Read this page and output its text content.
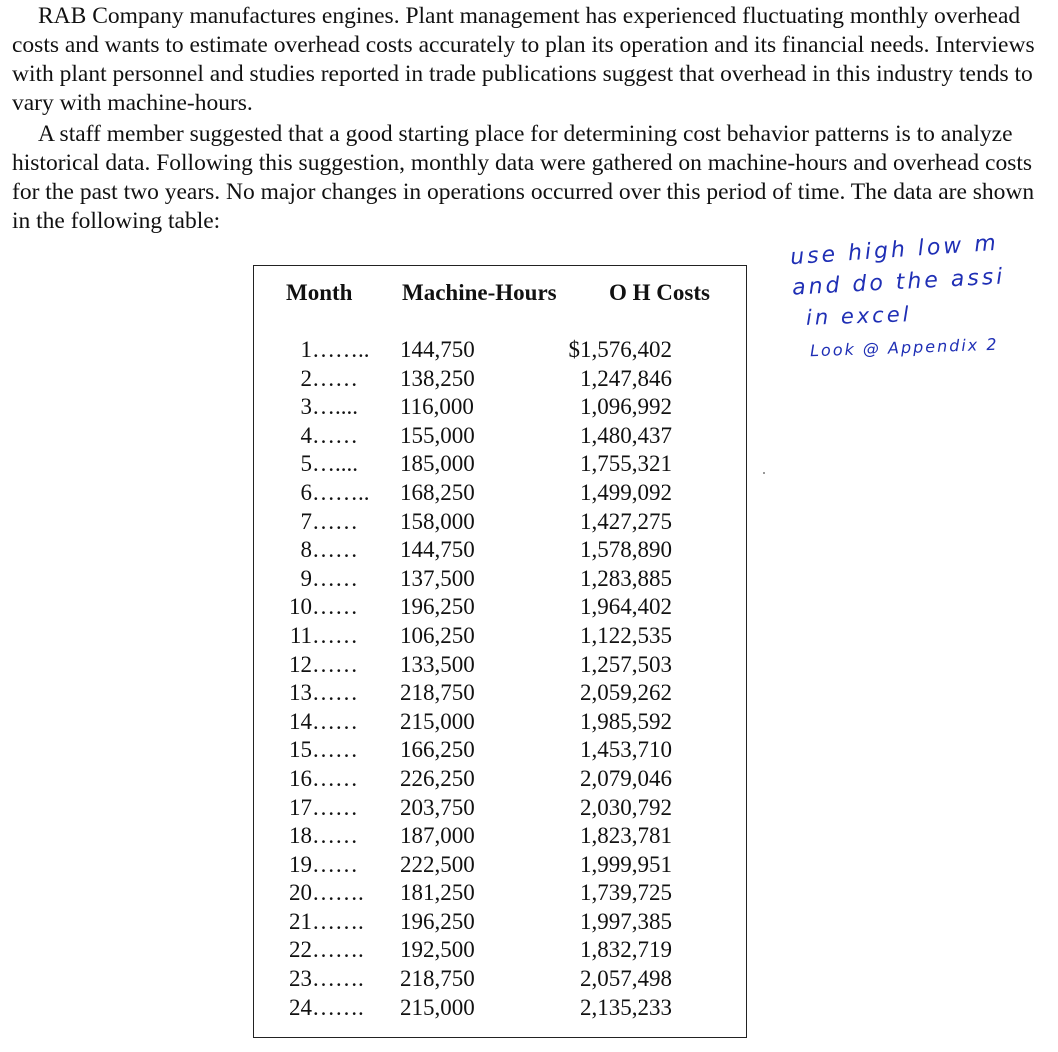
RAB Company manufactures engines. Plant management has experienced fluctuating monthly overhead costs and wants to estimate overhead costs accurately to plan its operation and its financial needs. Interviews with plant personnel and studies reported in trade publications suggest that overhead in this industry tends to vary with machine-hours.

A staff member suggested that a good starting place for determining cost behavior patterns is to analyze historical data. Following this suggestion, monthly data were gathered on machine-hours and overhead costs for the past two years. No major changes in operations occurred over this period of time. The data are shown in the following table:

use high low m
and do the assi
in excel
Look @ Appendix 2
Month Machine-Hours O H Costs
1……..	144,750	$1,576,402
2……	138,250	1,247,846
3…....	116,000	1,096,992
4……	155,000	1,480,437
5…....	185,000	1,755,321
6……..	168,250	1,499,092
7……	158,000	1,427,275
8……	144,750	1,578,890
9……	137,500	1,283,885
10……	196,250	1,964,402
11……	106,250	1,122,535
12……	133,500	1,257,503
13……	218,750	2,059,262
14……	215,000	1,985,592
15……	166,250	1,453,710
16……	226,250	2,079,046
17……	203,750	2,030,792
18……	187,000	1,823,781
19……	222,500	1,999,951
20…….	181,250	1,739,725
21…….	196,250	1,997,385
22…….	192,500	1,832,719
23…….	218,750	2,057,498
24…….	215,000	2,135,233
